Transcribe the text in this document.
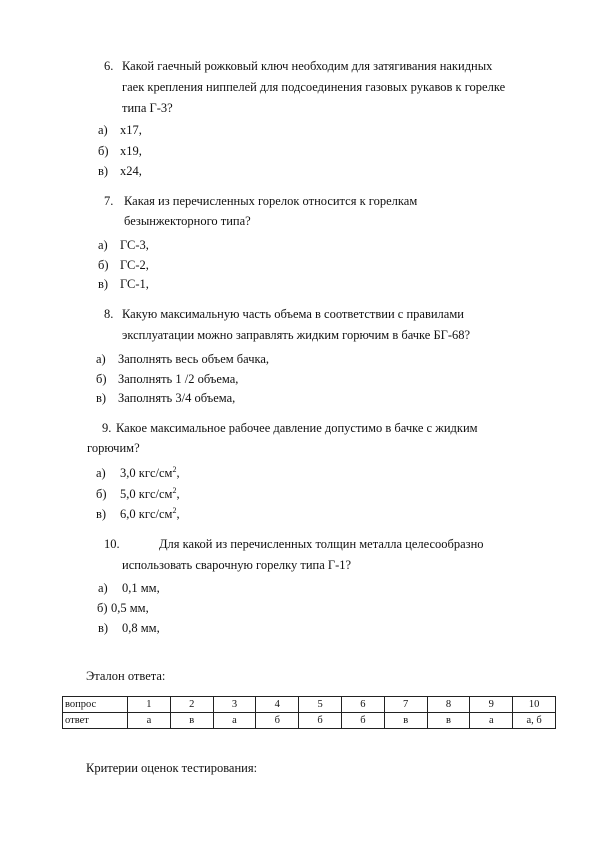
6. Какой гаечный рожковый ключ необходим для затягивания накидных
гаек крепления ниппелей для подсоединения газовых рукавов к горелке
типа Г-3?
а) х17,
б) х19,
в) х24,
7. Какая из перечисленных горелок относится к горелкам
безынжекторного типа?
а) ГС-3,
б) ГС-2,
в) ГС-1,
8. Какую максимальную часть объема в соответствии с правилами
эксплуатации можно заправлять жидким горючим в бачке БГ-68?
а) Заполнять весь объем бачка,
б) Заполнять 1 /2 объема,
в) Заполнять 3/4 объема,
9. Какое максимальное рабочее давление допустимо в бачке с жидким
горючим?
а) 3,0 кгс/$см^2$,
б) 5,0 кгс/$см^2$,
в) 6,0 кгс/$см^2$,
10.	Для какой из перечисленных толщин металла целесообразно
использовать сварочную горелку типа Г-1?
а) 0,1 мм,
б) 0,5 мм,
в) 0,8 мм,
Эталон ответа:
вопрос	1	2	3	4	5	6	7	8	9	10
ответ	а	в	а	б	б	б	в	в	а	а, б
Критерии оценок тестирования:
